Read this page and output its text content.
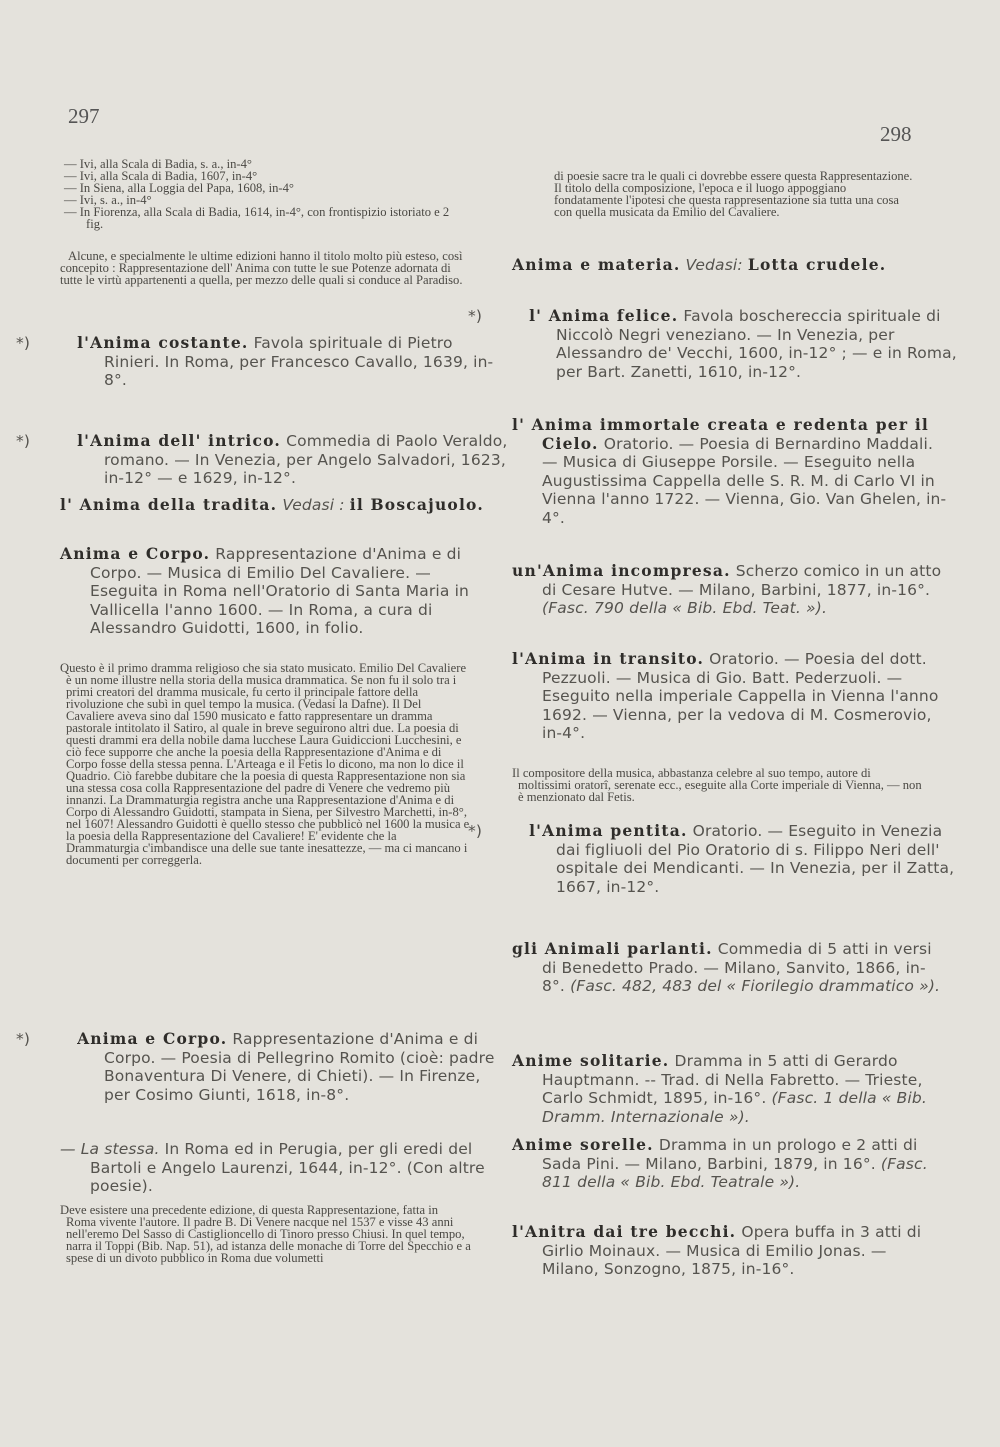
297
298
— Ivi, alla Scala di Badia, s. a., in-4°
— Ivi, alla Scala di Badia, 1607, in-4°
— In Siena, alla Loggia del Papa, 1608, in-4°
— Ivi, s. a., in-4°
— In Fiorenza, alla Scala di Badia, 1614, in-4°, con frontispizio istoriato e 2 fig.
Alcune, e specialmente le ultime edizioni hanno il titolo molto più esteso, così concepito : Rappresentazione dell' Anima con tutte le sue Potenze adornata di tutte le virtù appartenenti a quella, per mezzo delle quali si conduce al Paradiso.
*)	l'Anima costante. Favola spirituale di Pietro Rinieri. In Roma, per Francesco Cavallo, 1639, in-8°.
*)	l'Anima dell' intrico. Commedia di Paolo Veraldo, romano. — In Venezia, per Angelo Salvadori, 1623, in-12° — e 1629, in-12°.
l' Anima della tradita. Vedasi : il Boscajuolo.
Anima e Corpo. Rappresentazione d'Anima e di Corpo. — Musica di Emilio Del Cavaliere. — Eseguita in Roma nell'Oratorio di Santa Maria in Vallicella l'anno 1600. — In Roma, a cura di Alessandro Guidotti, 1600, in folio.
Questo è il primo dramma religioso che sia stato musicato. Emilio Del Cavaliere è un nome illustre nella storia della musica drammatica. Se non fu il solo tra i primi creatori del dramma musicale, fu certo il principale fattore della rivoluzione che subì in quel tempo la musica. (Vedasi la Dafne). Il Del Cavaliere aveva sino dal 1590 musicato e fatto rappresentare un dramma pastorale intitolato il Satiro, al quale in breve seguirono altri due. La poesia di questi drammi era della nobile dama lucchese Laura Guidiccioni Lucchesini, e ciò fece supporre che anche la poesia della Rappresentazione d'Anima e di Corpo fosse della stessa penna. L'Arteaga e il Fetis lo dicono, ma non lo dice il Quadrio. Ciò farebbe dubitare che la poesia di questa Rappresentazione non sia una stessa cosa colla Rappresentazione del padre di Venere che vedremo più innanzi. La Drammaturgia registra anche una Rappresentazione d'Anima e di Corpo di Alessandro Guidotti, stampata in Siena, per Silvestro Marchetti, in-8°, nel 1607! Alessandro Guidotti è quello stesso che pubblicò nel 1600 la musica e la poesia della Rappresentazione del Cavaliere! E' evidente che la Drammaturgia c'imbandisce una delle sue tante inesattezze, — ma ci mancano i documenti per correggerla.
*)	Anima e Corpo. Rappresentazione d'Anima e di Corpo. — Poesia di Pellegrino Romito (cioè: padre Bonaventura Di Venere, di Chieti). — In Firenze, per Cosimo Giunti, 1618, in-8°.
— La stessa. In Roma ed in Perugia, per gli eredi del Bartoli e Angelo Laurenzi, 1644, in-12°. (Con altre poesie).
Deve esistere una precedente edizione, di questa Rappresentazione, fatta in Roma vivente l'autore. Il padre B. Di Venere nacque nel 1537 e visse 43 anni nell'eremo Del Sasso di Castiglioncello di Tinoro presso Chiusi. In quel tempo, narra il Toppi (Bib. Nap. 51), ad istanza delle monache di Torre del Specchio e a spese di un divoto pubblico in Roma due volumetti
di poesie sacre tra le quali ci dovrebbe essere questa Rappresentazione. Il titolo della composizione, l'epoca e il luogo appoggiano fondatamente l'ipotesi che questa rappresentazione sia tutta una cosa con quella musicata da Emilio del Cavaliere.
Anima e materia. Vedasi: Lotta crudele.
*)	l' Anima felice. Favola boschereccia spirituale di Niccolò Negri veneziano. — In Venezia, per Alessandro de' Vecchi, 1600, in-12° ; — e in Roma, per Bart. Zanetti, 1610, in-12°.
l' Anima immortale creata e redenta per il Cielo. Oratorio. — Poesia di Bernardino Maddali. — Musica di Giuseppe Porsile. — Eseguito nella Augustissima Cappella delle S. R. M. di Carlo VI in Vienna l'anno 1722. — Vienna, Gio. Van Ghelen, in-4°.
un'Anima incompresa. Scherzo comico in un atto di Cesare Hutve. — Milano, Barbini, 1877, in-16°. (Fasc. 790 della « Bib. Ebd. Teat. »).
l'Anima in transito. Oratorio. — Poesia del dott. Pezzuoli. — Musica di Gio. Batt. Pederzuoli. — Eseguito nella imperiale Cappella in Vienna l'anno 1692. — Vienna, per la vedova di M. Cosmerovio, in-4°.
Il compositore della musica, abbastanza celebre al suo tempo, autore di moltissimi oratorî, serenate ecc., eseguite alla Corte imperiale di Vienna, — non è menzionato dal Fetis.
*)	l'Anima pentita. Oratorio. — Eseguito in Venezia dai figliuoli del Pio Oratorio di s. Filippo Neri dell' ospitale dei Mendicanti. — In Venezia, per il Zatta, 1667, in-12°.
gli Animali parlanti. Commedia di 5 atti in versi di Benedetto Prado. — Milano, Sanvito, 1866, in-8°. (Fasc. 482, 483 del « Fiorilegio drammatico »).
Anime solitarie. Dramma in 5 atti di Gerardo Hauptmann. -- Trad. di Nella Fabretto. — Trieste, Carlo Schmidt, 1895, in-16°. (Fasc. 1 della « Bib. Dramm. Internazionale »).
Anime sorelle. Dramma in un prologo e 2 atti di Sada Pini. — Milano, Barbini, 1879, in 16°. (Fasc. 811 della « Bib. Ebd. Teatrale »).
l'Anitra dai tre becchi. Opera buffa in 3 atti di Girlio Moinaux. — Musica di Emilio Jonas. — Milano, Sonzogno, 1875, in-16°.
